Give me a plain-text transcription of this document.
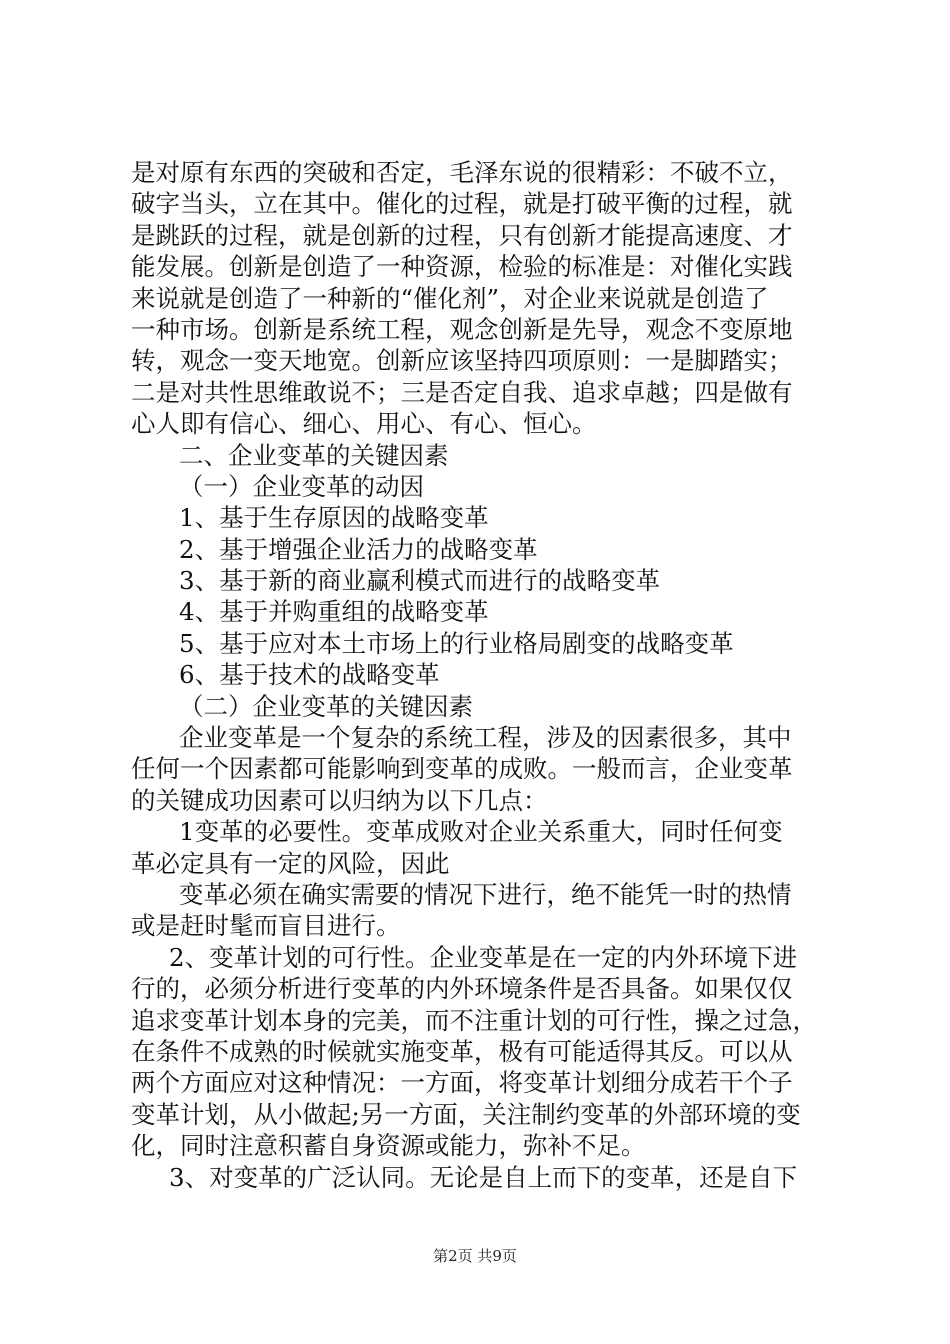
是对原有东西的突破和否定，毛泽东说的很精彩：不破不立，
破字当头，立在其中。催化的过程，就是打破平衡的过程，就
是跳跃的过程，就是创新的过程，只有创新才能提高速度、才
能发展。创新是创造了一种资源，检验的标准是：对催化实践
来说就是创造了一种新的“催化剂”，对企业来说就是创造了
一种市场。创新是系统工程，观念创新是先导，观念不变原地
转，观念一变天地宽。创新应该坚持四项原则：一是脚踏实；
二是对共性思维敢说不；三是否定自我、追求卓越；四是做有
心人即有信心、细心、用心、有心、恒心。
二、企业变革的关键因素
（一）企业变革的动因
1、基于生存原因的战略变革
2、基于增强企业活力的战略变革
3、基于新的商业赢利模式而进行的战略变革
4、基于并购重组的战略变革
5、基于应对本土市场上的行业格局剧变的战略变革
6、基于技术的战略变革
（二）企业变革的关键因素
企业变革是一个复杂的系统工程，涉及的因素很多，其中
任何一个因素都可能影响到变革的成败。一般而言，企业变革
的关键成功因素可以归纳为以下几点：
1变革的必要性。变革成败对企业关系重大，同时任何变
革必定具有一定的风险，因此
变革必须在确实需要的情况下进行，绝不能凭一时的热情
或是赶时髦而盲目进行。
2、变革计划的可行性。企业变革是在一定的内外环境下进
行的，必须分析进行变革的内外环境条件是否具备。如果仅仅
追求变革计划本身的完美，而不注重计划的可行性，操之过急，
在条件不成熟的时候就实施变革，极有可能适得其反。可以从
两个方面应对这种情况：一方面，将变革计划细分成若干个子
变革计划，从小做起;另一方面，关注制约变革的外部环境的变
化，同时注意积蓄自身资源或能力，弥补不足。
3、对变革的广泛认同。无论是自上而下的变革，还是自下
第2页 共9页
